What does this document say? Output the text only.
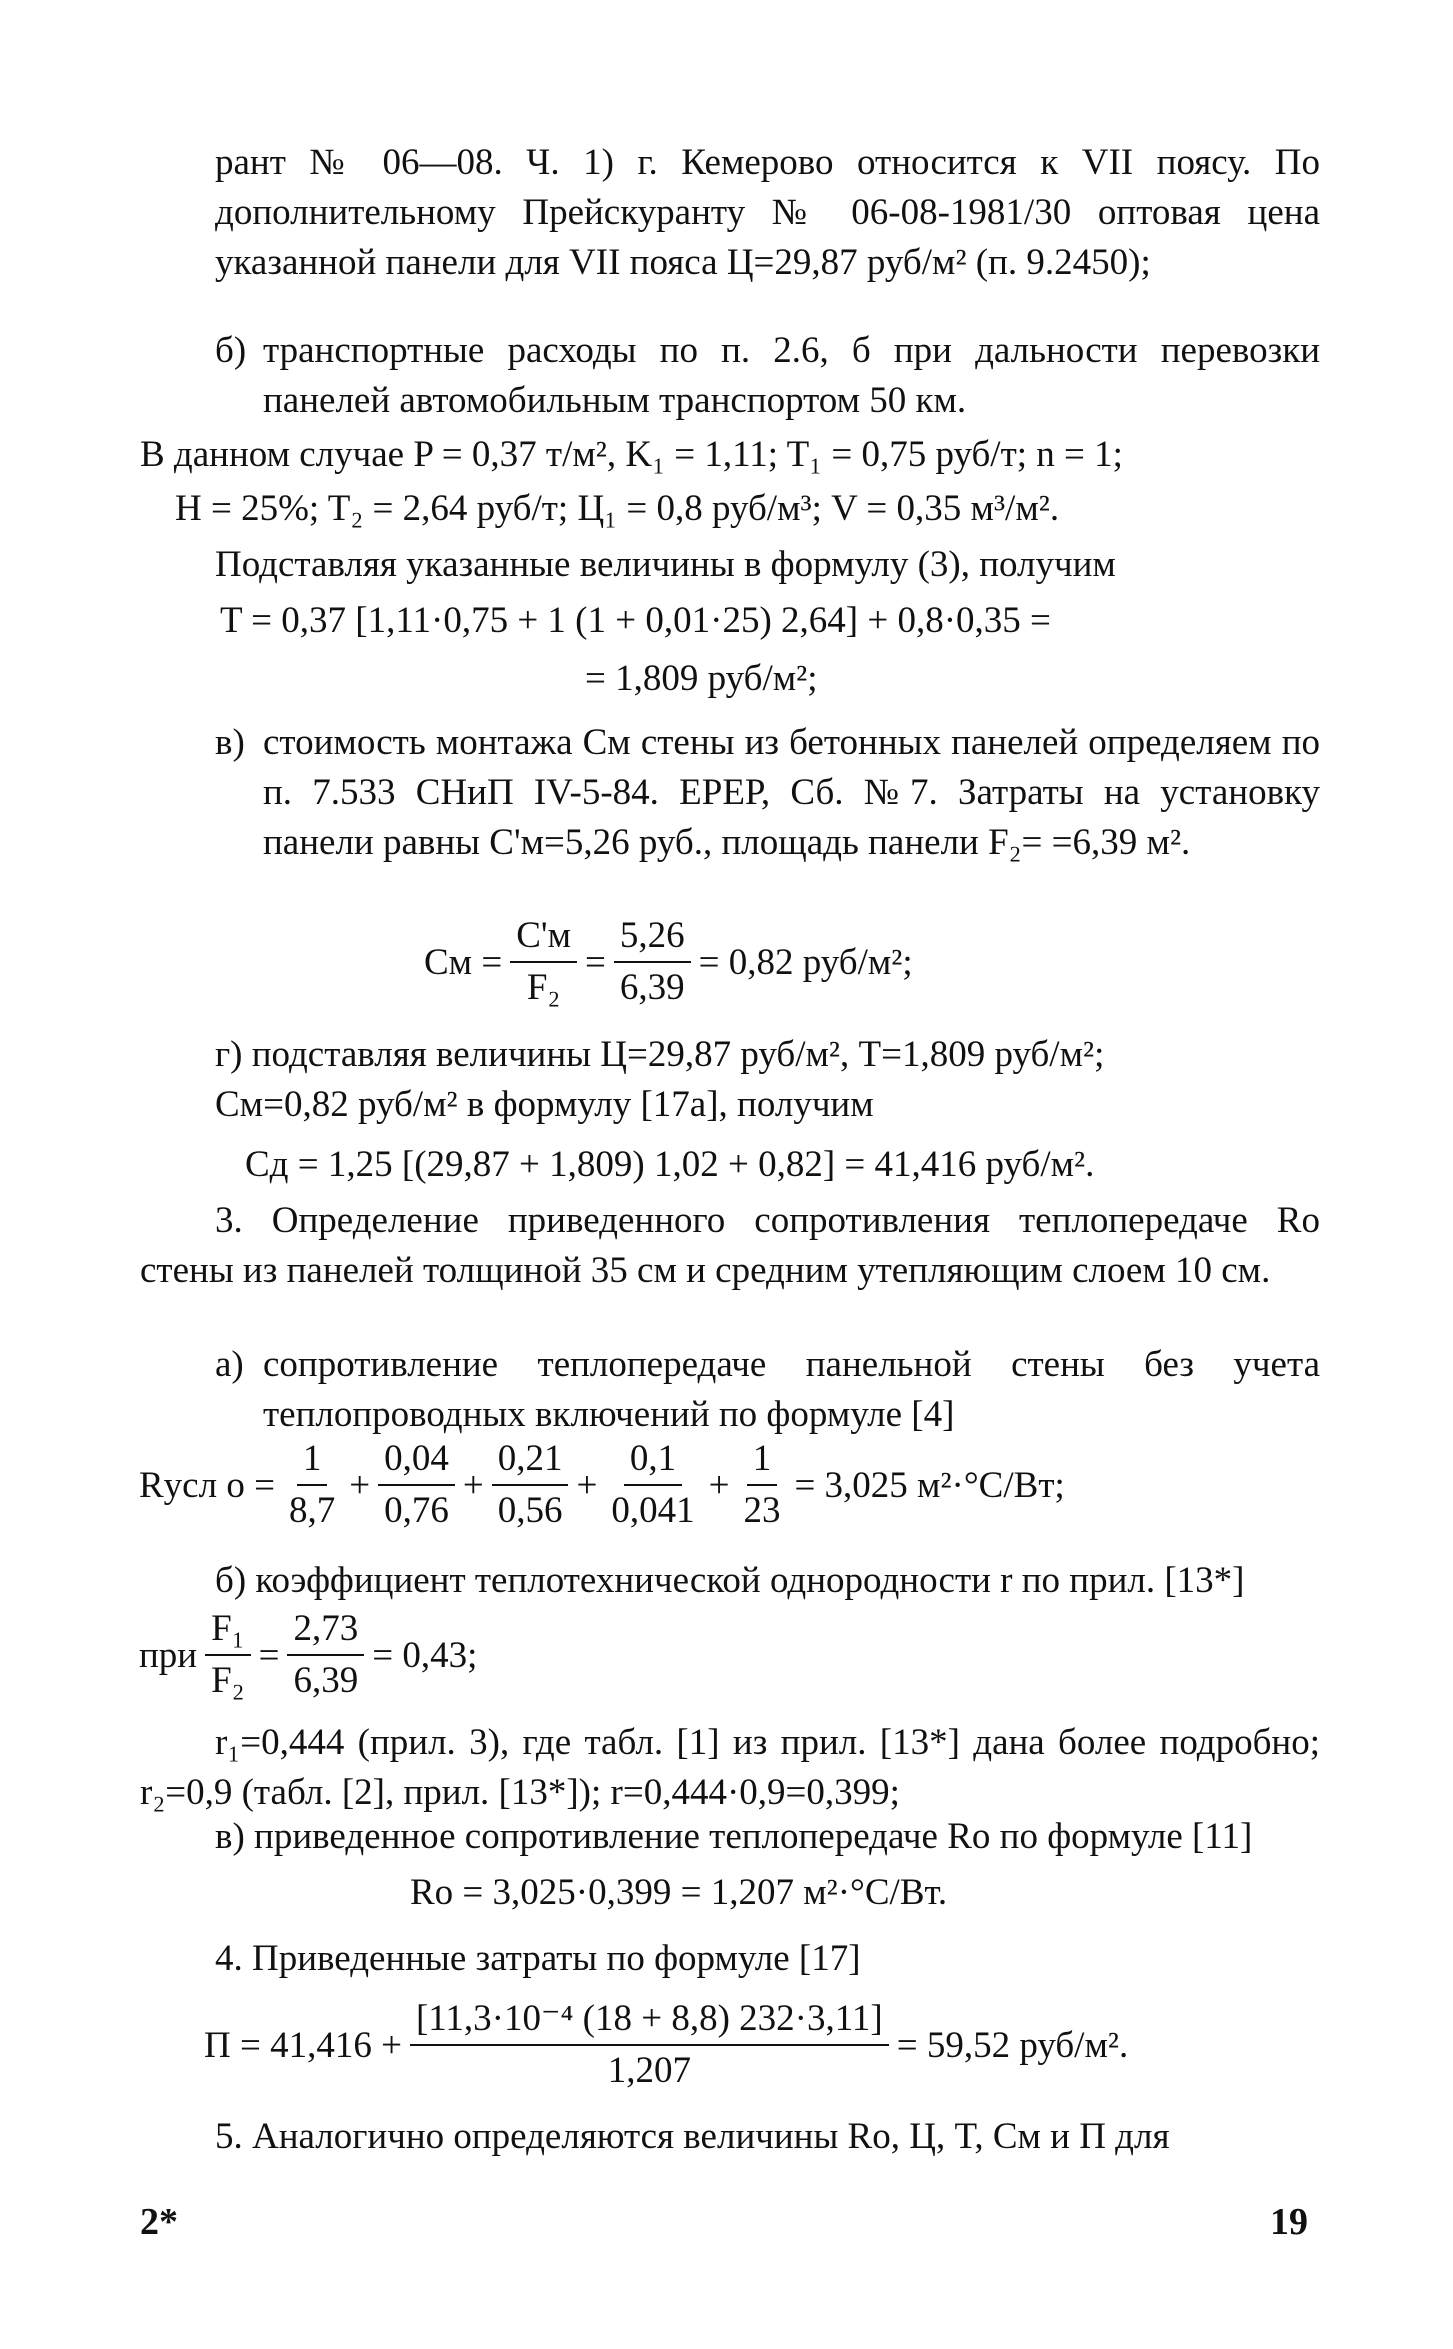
рант № 06—08. Ч. 1) г. Кемерово относится к VII поясу. По дополнительному Прейскуранту № 06-08-1981/30 оптовая цена указанной панели для VII пояса Ц=29,87 руб/м² (п. 9.2450);
б) транспортные расходы по п. 2.6, б при дальности перевозки панелей автомобильным транспортом 50 км.
В данном случае P = 0,37 т/м², K₁ = 1,11; T₁ = 0,75 руб/т; n = 1;
H = 25%; T₂ = 2,64 руб/т; Ц₁ = 0,8 руб/м³; V = 0,35 м³/м².
Подставляя указанные величины в формулу (3), получим
T = 0,37 [1,11·0,75 + 1 (1 + 0,01·25) 2,64] + 0,8·0,35 =
= 1,809 руб/м²;
в) стоимость монтажа Cм стены из бетонных панелей определяем по п. 7.533 СНиП IV-5-84. ЕРЕР, Сб. №7. Затраты на установку панели равны C'м=5,26 руб., площадь панели F₂= =6,39 м².
Cм = $\frac{C'м}{\text{F₂}} = \frac{5,26}{6,39} = 0,82$ руб/м²;
г) подставляя величины Ц=29,87 руб/м², T=1,809 руб/м²;
Cм=0,82 руб/м² в формулу [17а], получим
Cд = 1,25 [(29,87 + 1,809) 1,02 + 0,82] = 41,416 руб/м².
3. Определение приведенного сопротивления теплопередаче Rо стены из панелей толщиной 35 см и средним утепляющим слоем 10 см.
а) сопротивление теплопередаче панельной стены без учета теплопроводных включений по формуле [4]
Rусл $о = \frac{1}{8,7} + \frac{0,04}{0,76} + \frac{0,21}{0,56} + \frac{0,1}{0,041} + \frac{1}{23} = 3,025$ м²·°С/Вт;
б) коэффициент теплотехнической однородности r по прил. [13*]
при $\frac{\text{F₁}}{\text{F₂}} = \frac{2,73}{6,39} = 0,43$;
r₁=0,444 (прил. 3), где табл. [1] из прил. [13*] дана более подробно; r₂=0,9 (табл. [2], прил. [13*]); r=0,444·0,9=0,399;
в) приведенное сопротивление теплопередаче Rо по формуле [11]
Rо = 3,025·0,399 = 1,207 м²·°С/Вт.
4. Приведенные затраты по формуле [17]
$П = 41,416 + \frac{\text{[11,3·10⁻⁴ (18 + 8,8) 232·3,11]}}{1,207} = 59,52$ руб/м².
5. Аналогично определяются величины Rо, Ц, T, Cм и П для
2*	19
